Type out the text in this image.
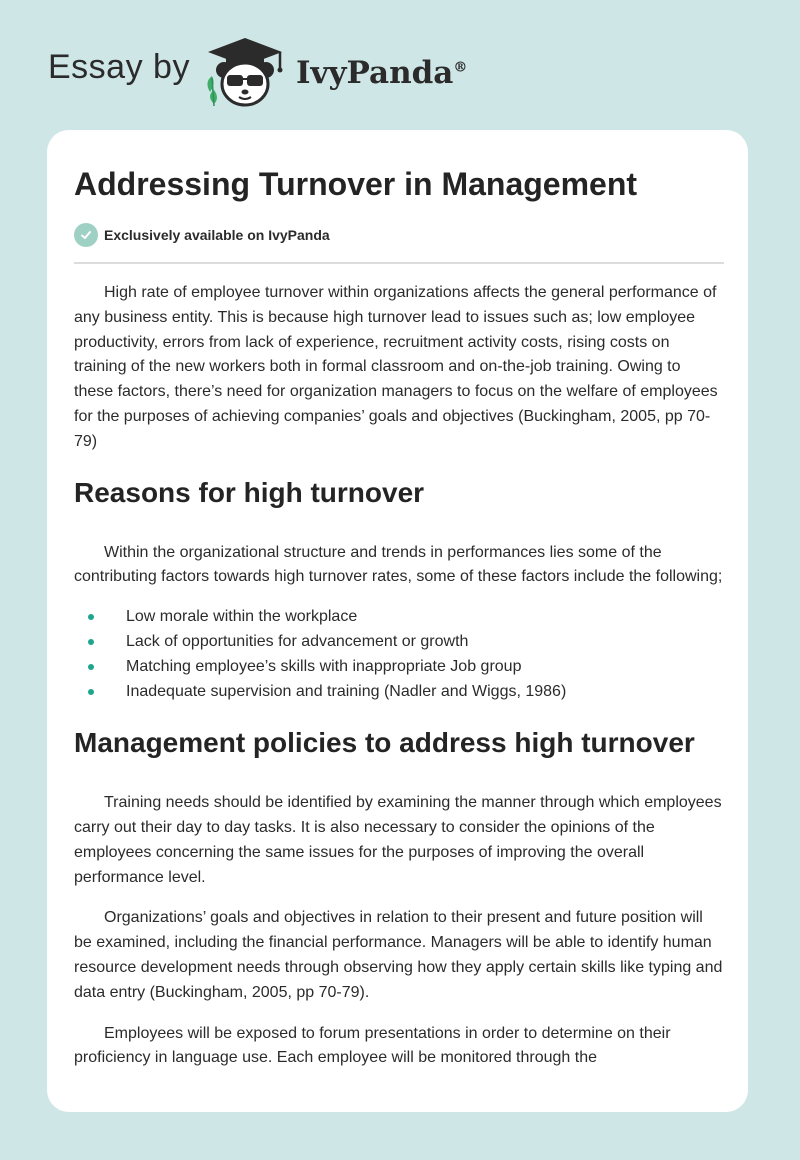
Essay by	IvyPanda®
Addressing Turnover in Management
Exclusively available on IvyPanda

High rate of employee turnover within organizations affects the general performance of any business entity. This is because high turnover lead to issues such as; low employee productivity, errors from lack of experience, recruitment activity costs, rising costs on training of the new workers both in formal classroom and on-the-job training. Owing to these factors, there’s need for organization managers to focus on the welfare of employees for the purposes of achieving companies’ goals and objectives (Buckingham, 2005, pp 70-79)

Reasons for high turnover

Within the organizational structure and trends in performances lies some of the contributing factors towards high turnover rates, some of these factors include the following;

Low morale within the workplace
Lack of opportunities for advancement or growth
Matching employee’s skills with inappropriate Job group
Inadequate supervision and training (Nadler and Wiggs, 1986)
Management policies to address high turnover

Training needs should be identified by examining the manner through which employees carry out their day to day tasks. It is also necessary to consider the opinions of the employees concerning the same issues for the purposes of improving the overall performance level.

Organizations’ goals and objectives in relation to their present and future position will be examined, including the financial performance. Managers will be able to identify human resource development needs through observing how they apply certain skills like typing and data entry (Buckingham, 2005, pp 70-79).

Employees will be exposed to forum presentations in order to determine on their proficiency in language use. Each employee will be monitored through the
